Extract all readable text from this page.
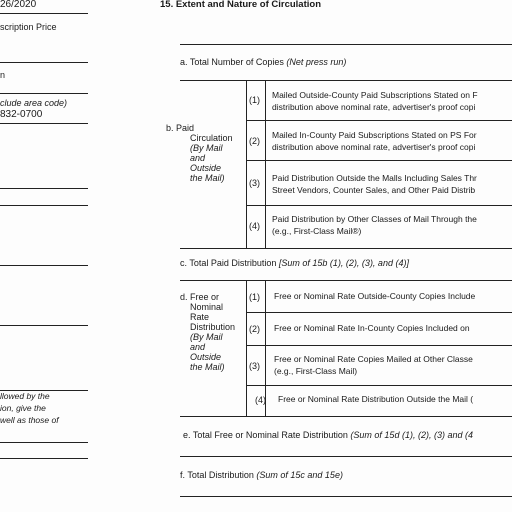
26/2020
scription Price
n
clude area code)
832-0700
llowed by the
ion, give the
well as those of
15. Extent and Nature of Circulation
a. Total Number of Copies (Net press run)
b. Paid
Circulation
(By Mail
and
Outside
the Mail)
(1) Mailed Outside-County Paid Subscriptions Stated on F
distribution above nominal rate, advertiser's proof copi
(2)
Mailed In-County Paid Subscriptions Stated on PS For
distribution above nominal rate, advertiser's proof copi
(3) Paid Distribution Outside the Malls Including Sales Thr
Street Vendors, Counter Sales, and Other Paid Distrib
(4)
Paid Distribution by Other Classes of Mail Through the
(e.g., First-Class Mail®)
c. Total Paid Distribution [Sum of 15b (1), (2), (3), and (4)]
d. Free or
Nominal
Rate
Distribution
(By Mail
and
Outside
the Mail)
(1) Free or Nominal Rate Outside-County Copies Include
(2) Free or Nominal Rate In-County Copies Included on
(3)
Free or Nominal Rate Copies Mailed at Other Classe
(e.g., First-Class Mail)
(4) Free or Nominal Rate Distribution Outside the Mail (
e. Total Free or Nominal Rate Distribution (Sum of 15d (1), (2), (3) and (4
f. Total Distribution (Sum of 15c and 15e)
